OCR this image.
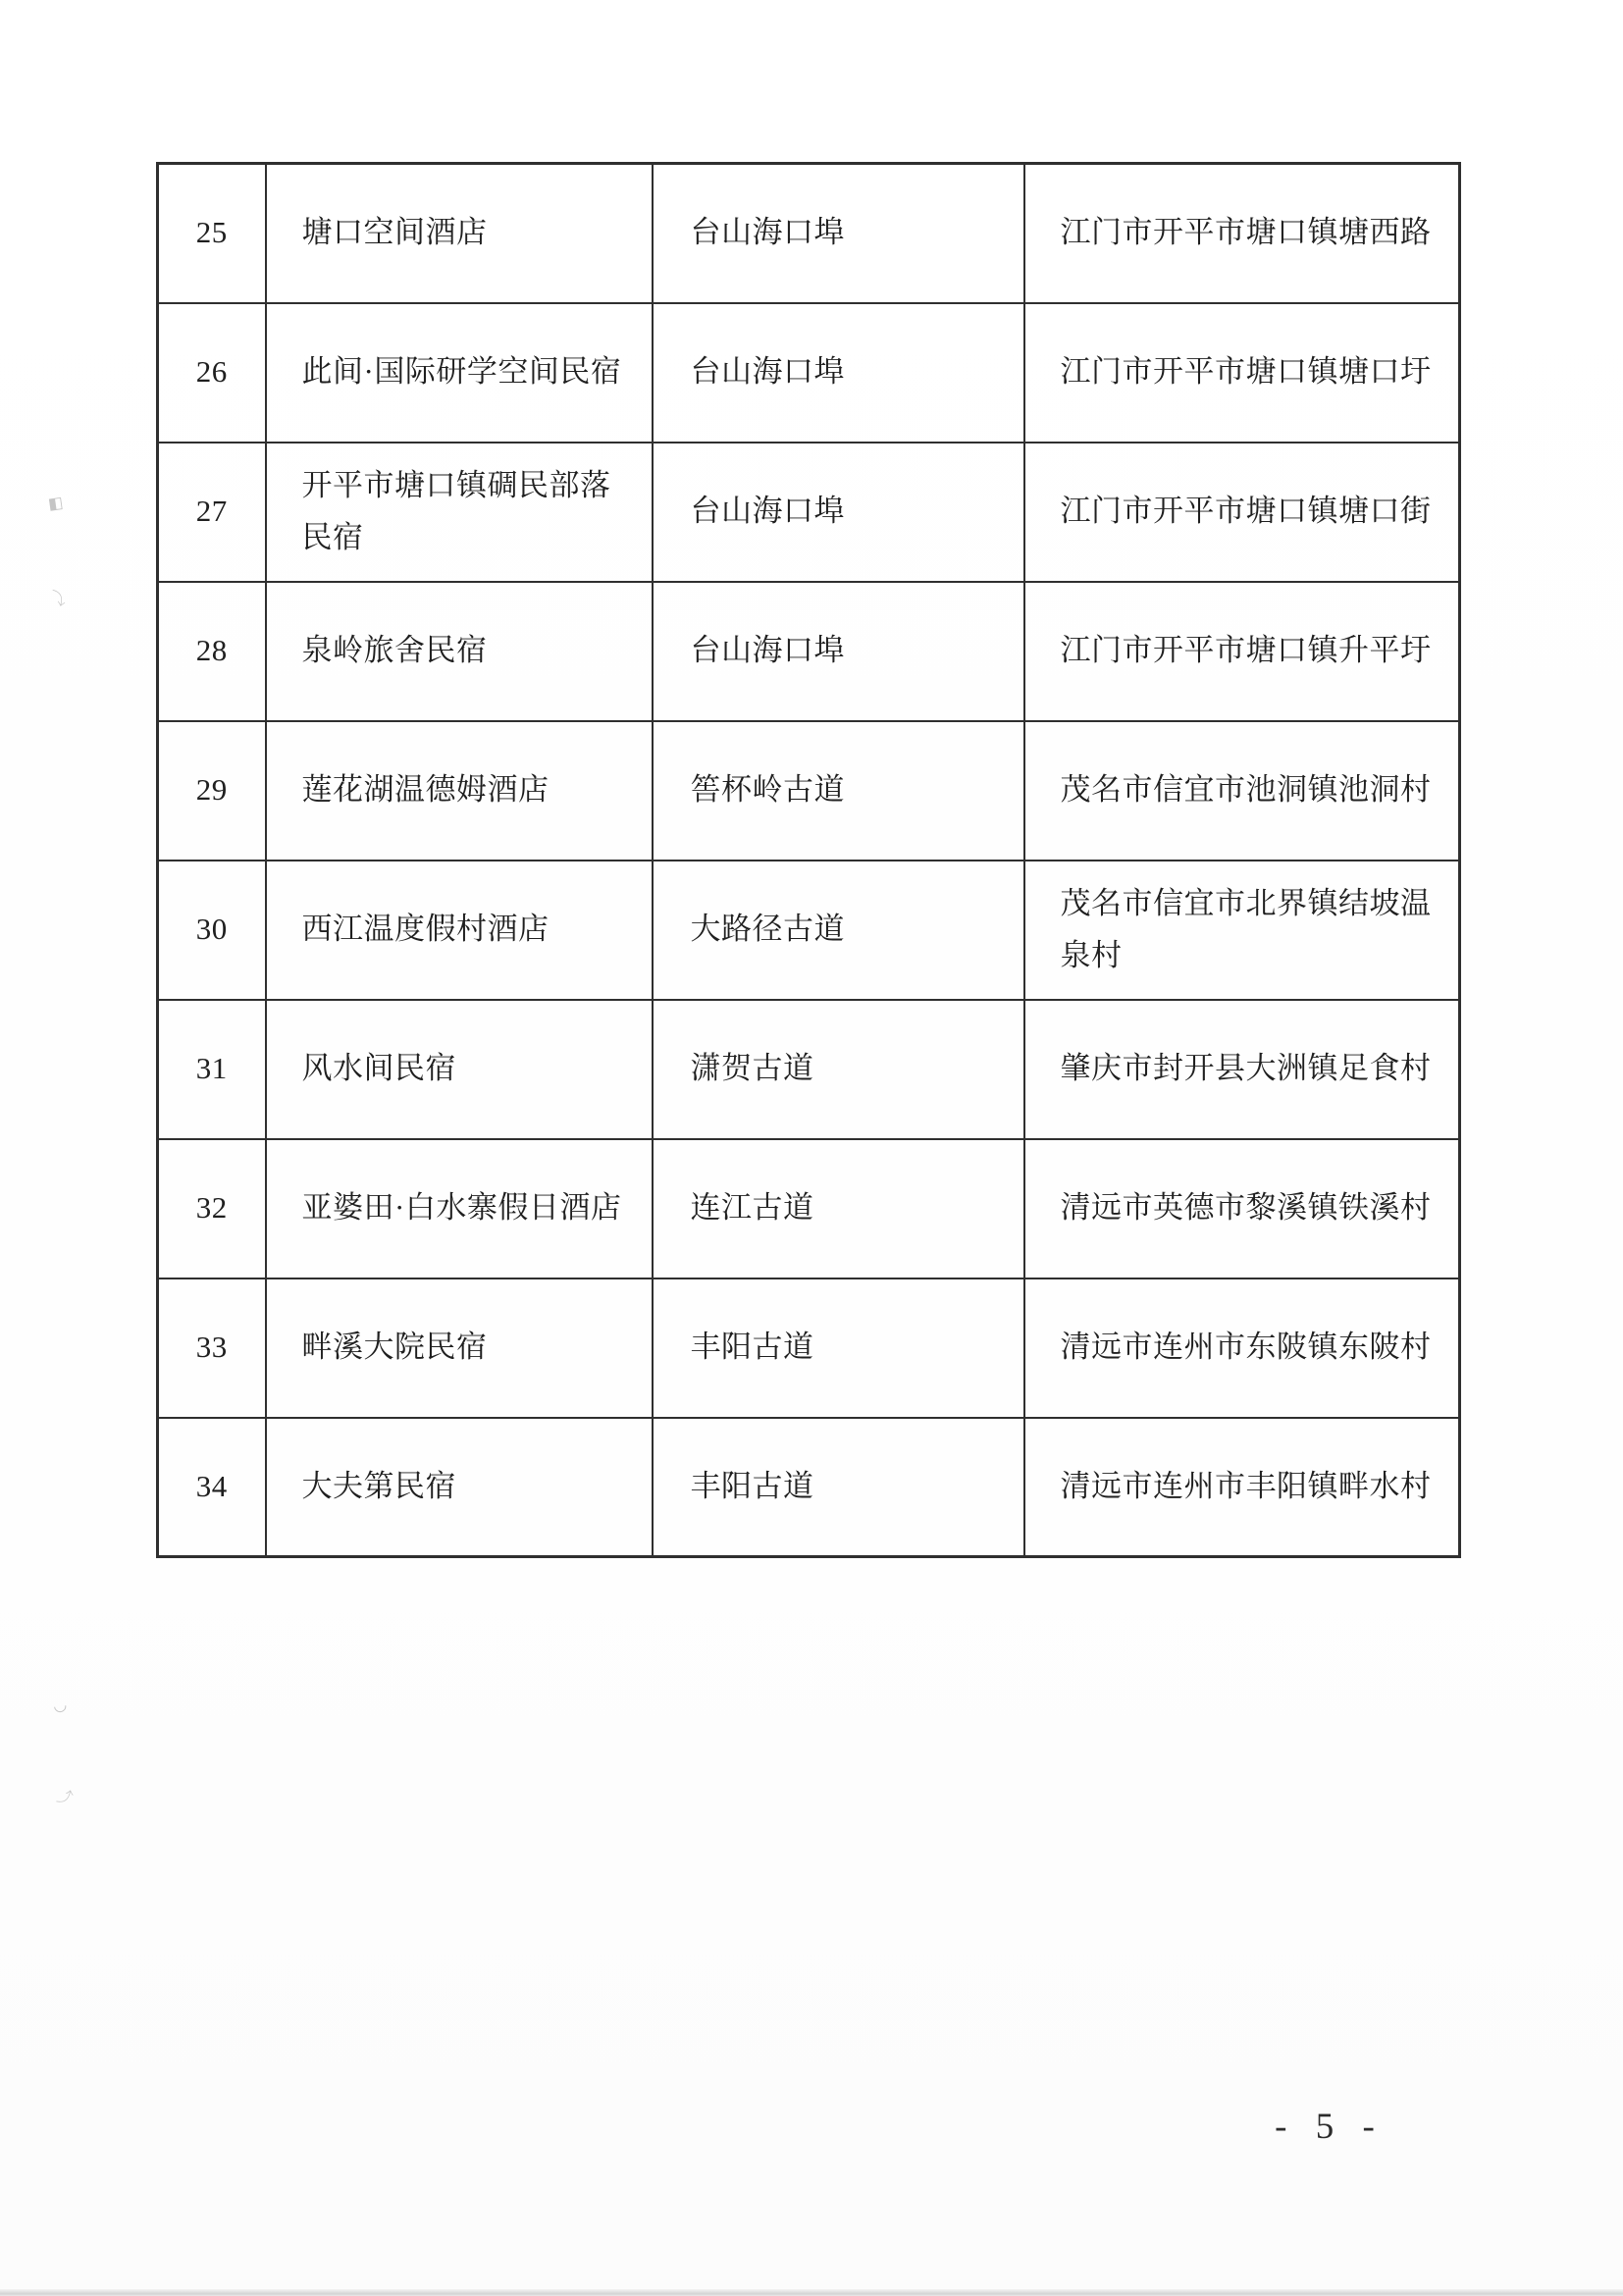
25	塘口空间酒店	台山海口埠	江门市开平市塘口镇塘西路
26	此间·国际研学空间民宿	台山海口埠	江门市开平市塘口镇塘口圩
27	开平市塘口镇碉民部落民宿	台山海口埠	江门市开平市塘口镇塘口街
28	泉岭旅舍民宿	台山海口埠	江门市开平市塘口镇升平圩
29	莲花湖温德姆酒店	筶杯岭古道	茂名市信宜市池洞镇池洞村
30	西江温度假村酒店	大路径古道	茂名市信宜市北界镇结坡温泉村
31	风水间民宿	潇贺古道	肇庆市封开县大洲镇足食村
32	亚婆田·白水寨假日酒店	连江古道	清远市英德市黎溪镇铁溪村
33	畔溪大院民宿	丰阳古道	清远市连州市东陂镇东陂村
34	大夫第民宿	丰阳古道	清远市连州市丰阳镇畔水村
- 5 -
◧
⤵
◡
⤴
